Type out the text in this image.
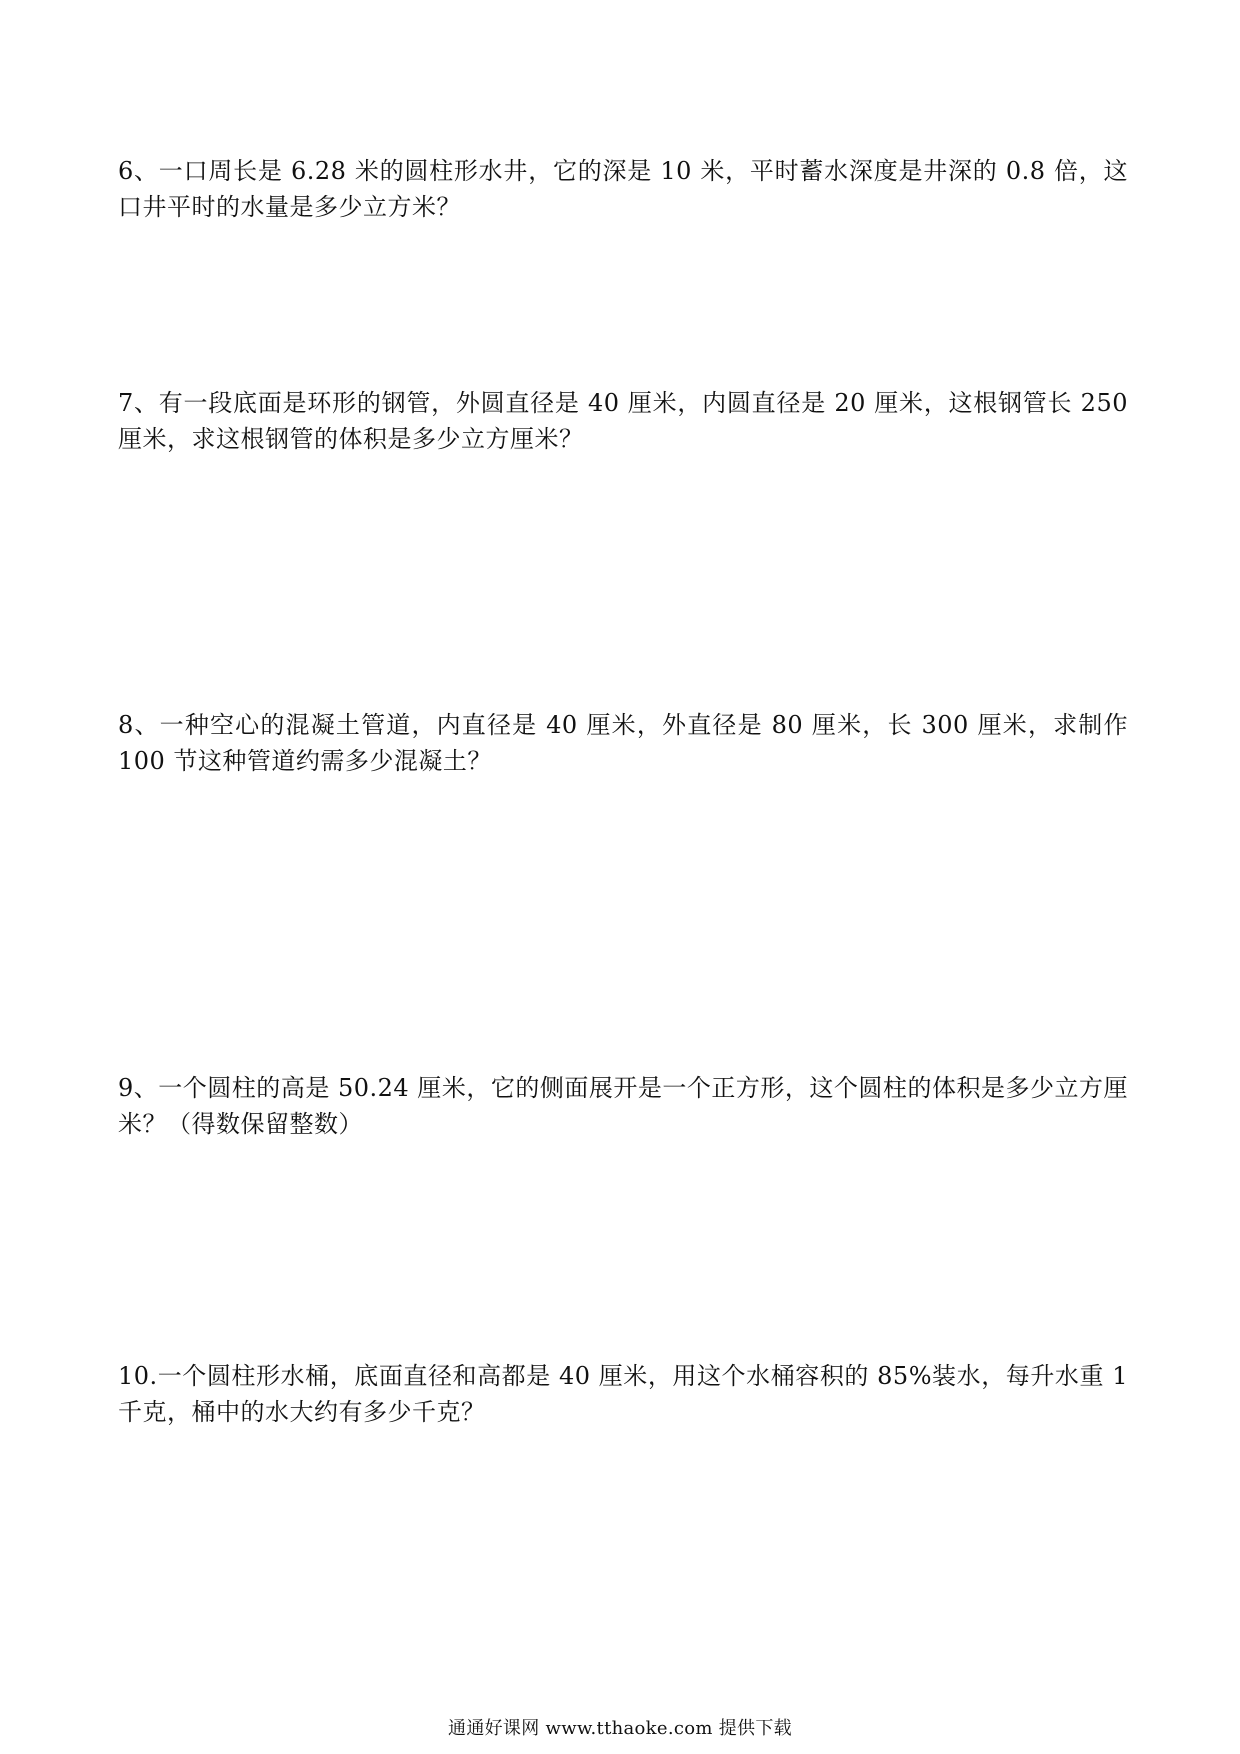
6、一口周长是 6.28 米的圆柱形水井，它的深是 10 米，平时蓄水深度是井深的 0.8 倍，这口井平时的水量是多少立方米？
7、有一段底面是环形的钢管，外圆直径是 40 厘米，内圆直径是 20 厘米，这根钢管长 250 厘米，求这根钢管的体积是多少立方厘米？
8、一种空心的混凝土管道，内直径是 40 厘米，外直径是 80 厘米，长 300 厘米，求制作 100 节这种管道约需多少混凝土？
9、一个圆柱的高是 50.24 厘米，它的侧面展开是一个正方形，这个圆柱的体积是多少立方厘米？（得数保留整数）
10.一个圆柱形水桶，底面直径和高都是 40 厘米，用这个水桶容积的 85%装水，每升水重 1 千克，桶中的水大约有多少千克？
通通好课网 www.tthaoke.com 提供下载
